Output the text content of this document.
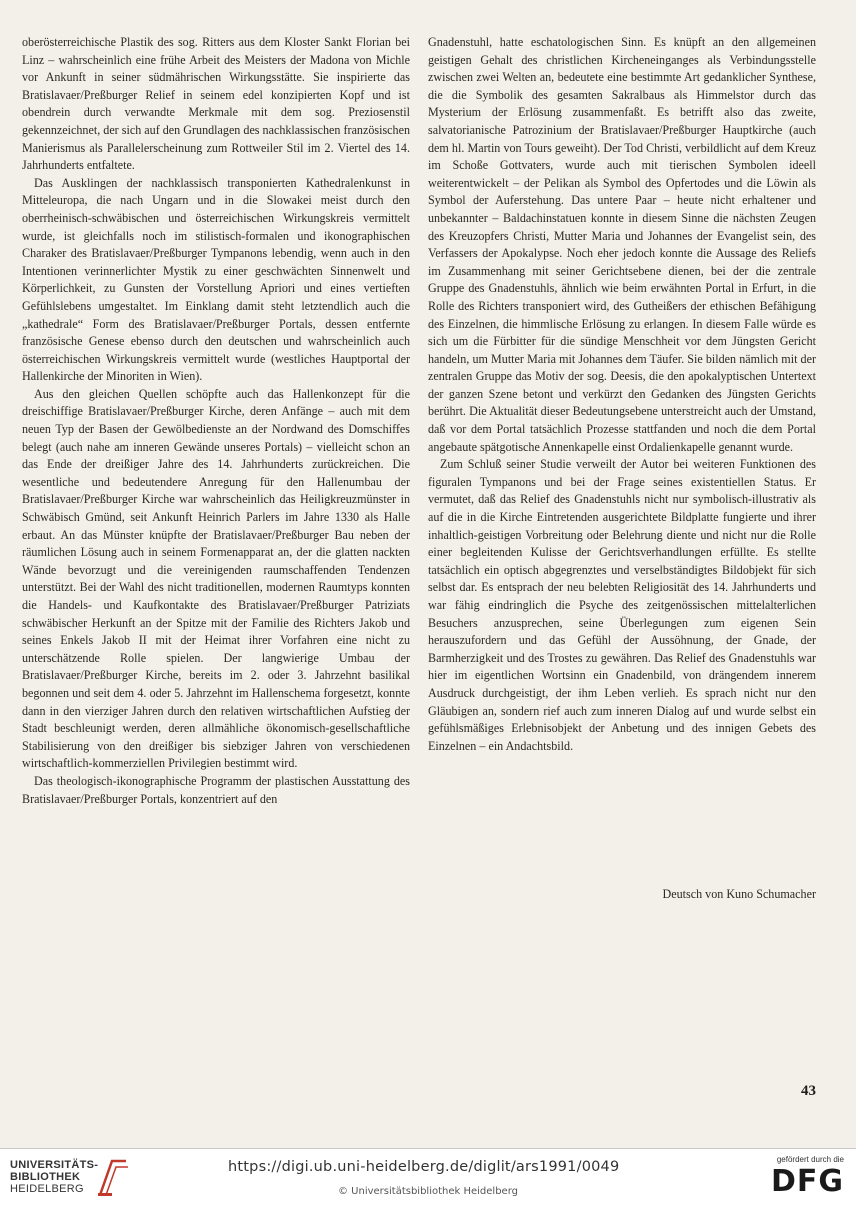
oberösterreichische Plastik des sog. Ritters aus dem Kloster Sankt Florian bei Linz – wahrscheinlich eine frühe Arbeit des Meisters der Madona von Michle vor Ankunft in seiner südmährischen Wirkungsstätte. Sie inspirierte das Bratislavaer/Preßburger Relief in seinem edel konzipierten Kopf und ist obendrein durch verwandte Merkmale mit dem sog. Preziosenstil gekennzeichnet, der sich auf den Grundlagen des nachklassischen französischen Manierismus als Parallelerscheinung zum Rottweiler Stil im 2. Viertel des 14. Jahrhunderts entfaltete.

Das Ausklingen der nachklassisch transponierten Kathedralenkunst in Mitteleuropa, die nach Ungarn und in die Slowakei meist durch den oberrheinisch-schwäbischen und österreichischen Wirkungskreis vermittelt wurde, ist gleichfalls noch im stilistisch-formalen und ikonographischen Charaker des Bratislavaer/Preßburger Tympanons lebendig, wenn auch in den Intentionen verinnerlichter Mystik zu einer geschwächten Sinnenwelt und Körperlichkeit, zu Gunsten der Vorstellung Apriori und eines vertieften Gefühlslebens umgestaltet. Im Einklang damit steht letztendlich auch die „kathedrale“ Form des Bratislavaer/Preßburger Portals, dessen entfernte französische Genese ebenso durch den deutschen und wahrscheinlich auch österreichischen Wirkungskreis vermittelt wurde (westliches Hauptportal der Hallenkirche der Minoriten in Wien).

Aus den gleichen Quellen schöpfte auch das Hallenkonzept für die dreischiffige Bratislavaer/Preßburger Kirche, deren Anfänge – auch mit dem neuen Typ der Basen der Gewölbedienste an der Nordwand des Domschiffes belegt (auch nahe am inneren Gewände unseres Portals) – vielleicht schon an das Ende der dreißiger Jahre des 14. Jahrhunderts zurückreichen. Die wesentliche und bedeutendere Anregung für den Hallenumbau der Bratislavaer/Preßburger Kirche war wahrscheinlich das Heiligkreuzmünster in Schwäbisch Gmünd, seit Ankunft Heinrich Parlers im Jahre 1330 als Halle erbaut. An das Münster knüpfte der Bratislavaer/Preßburger Bau neben der räumlichen Lösung auch in seinem Formenapparat an, der die glatten nackten Wände bevorzugt und die vereinigenden raumschaffenden Tendenzen unterstützt. Bei der Wahl des nicht traditionellen, modernen Raumtyps konnten die Handels- und Kaufkontakte des Bratislavaer/Preßburger Patriziats schwäbischer Herkunft an der Spitze mit der Familie des Richters Jakob und seines Enkels Jakob II mit der Heimat ihrer Vorfahren eine nicht zu unterschätzende Rolle spielen. Der langwierige Umbau der Bratislavaer/Preßburger Kirche, bereits im 2. oder 3. Jahrzehnt basilikal begonnen und seit dem 4. oder 5. Jahrzehnt im Hallenschema forgesetzt, konnte dann in den vierziger Jahren durch den relativen wirtschaftlichen Aufstieg der Stadt beschleunigt werden, deren allmähliche ökonomisch-gesellschaftliche Stabilisierung von den dreißiger bis siebziger Jahren von verschiedenen wirtschaftlich-kommerziellen Privilegien bestimmt wird.

Das theologisch-ikonographische Programm der plastischen Ausstattung des Bratislavaer/Preßburger Portals, konzentriert auf den

Gnadenstuhl, hatte eschatologischen Sinn. Es knüpft an den allgemeinen geistigen Gehalt des christlichen Kircheneinganges als Verbindungsstelle zwischen zwei Welten an, bedeutete eine bestimmte Art gedanklicher Synthese, die die Symbolik des gesamten Sakralbaus als Himmelstor durch das Mysterium der Erlösung zusammenfaßt. Es betrifft also das zweite, salvatorianische Patrozinium der Bratislavaer/Preßburger Hauptkirche (auch dem hl. Martin von Tours geweiht). Der Tod Christi, verbildlicht auf dem Kreuz im Schoße Gottvaters, wurde auch mit tierischen Symbolen ideell weiterentwickelt – der Pelikan als Symbol des Opfertodes und die Löwin als Symbol der Auferstehung. Das untere Paar – heute nicht erhaltener und unbekannter – Baldachinstatuen konnte in diesem Sinne die nächsten Zeugen des Kreuzopfers Christi, Mutter Maria und Johannes der Evangelist sein, des Verfassers der Apokalypse. Noch eher jedoch konnte die Aussage des Reliefs im Zusammenhang mit seiner Gerichtsebene dienen, bei der die zentrale Gruppe des Gnadenstuhls, ähnlich wie beim erwähnten Portal in Erfurt, in die Rolle des Richters transponiert wird, des Gutheißers der ethischen Befähigung des Einzelnen, die himmlische Erlösung zu erlangen. In diesem Falle würde es sich um die Fürbitter für die sündige Menschheit vor dem Jüngsten Gericht handeln, um Mutter Maria mit Johannes dem Täufer. Sie bilden nämlich mit der zentralen Gruppe das Motiv der sog. Deesis, die den apokalyptischen Untertext der ganzen Szene betont und verkürzt den Gedanken des Jüngsten Gerichts berührt. Die Aktualität dieser Bedeutungsebene unterstreicht auch der Umstand, daß vor dem Portal tatsächlich Prozesse stattfanden und noch die dem Portal angebaute spätgotische Annenkapelle einst Ordalienkapelle genannt wurde.

Zum Schluß seiner Studie verweilt der Autor bei weiteren Funktionen des figuralen Tympanons und bei der Frage seines existentiellen Status. Er vermutet, daß das Relief des Gnadenstuhls nicht nur symbolisch-illustrativ als auf die in die Kirche Eintretenden ausgerichtete Bildplatte fungierte und ihrer inhaltlich-geistigen Vorbreitung oder Belehrung diente und nicht nur die Rolle einer begleitenden Kulisse der Gerichtsverhandlungen erfüllte. Es stellte tatsächlich ein optisch abgegrenztes und verselbständigtes Bildobjekt für sich selbst dar. Es entsprach der neu belebten Religiosität des 14. Jahrhunderts und war fähig eindringlich die Psyche des zeitgenössischen mittelalterlichen Besuchers anzusprechen, seine Überlegungen zum eigenen Sein herauszufordern und das Gefühl der Aussöhnung, der Gnade, der Barmherzigkeit und des Trostes zu gewähren. Das Relief des Gnadenstuhls war hier im eigentlichen Wortsinn ein Gnadenbild, von drängendem innerem Ausdruck durchgeistigt, der ihm Leben verlieh. Es sprach nicht nur den Gläubigen an, sondern rief auch zum inneren Dialog auf und wurde selbst ein gefühlsmäßiges Erlebnisobjekt der Anbetung und des innigen Gebets des Einzelnen – ein Andachtsbild.

Deutsch von Kuno Schumacher
43
UNIVERSITÄTS-
BIBLIOTHEK
HEIDELBERG
https://digi.ub.uni-heidelberg.de/diglit/ars1991/0049
© Universitätsbibliothek Heidelberg
gefördert durch die
DFG
